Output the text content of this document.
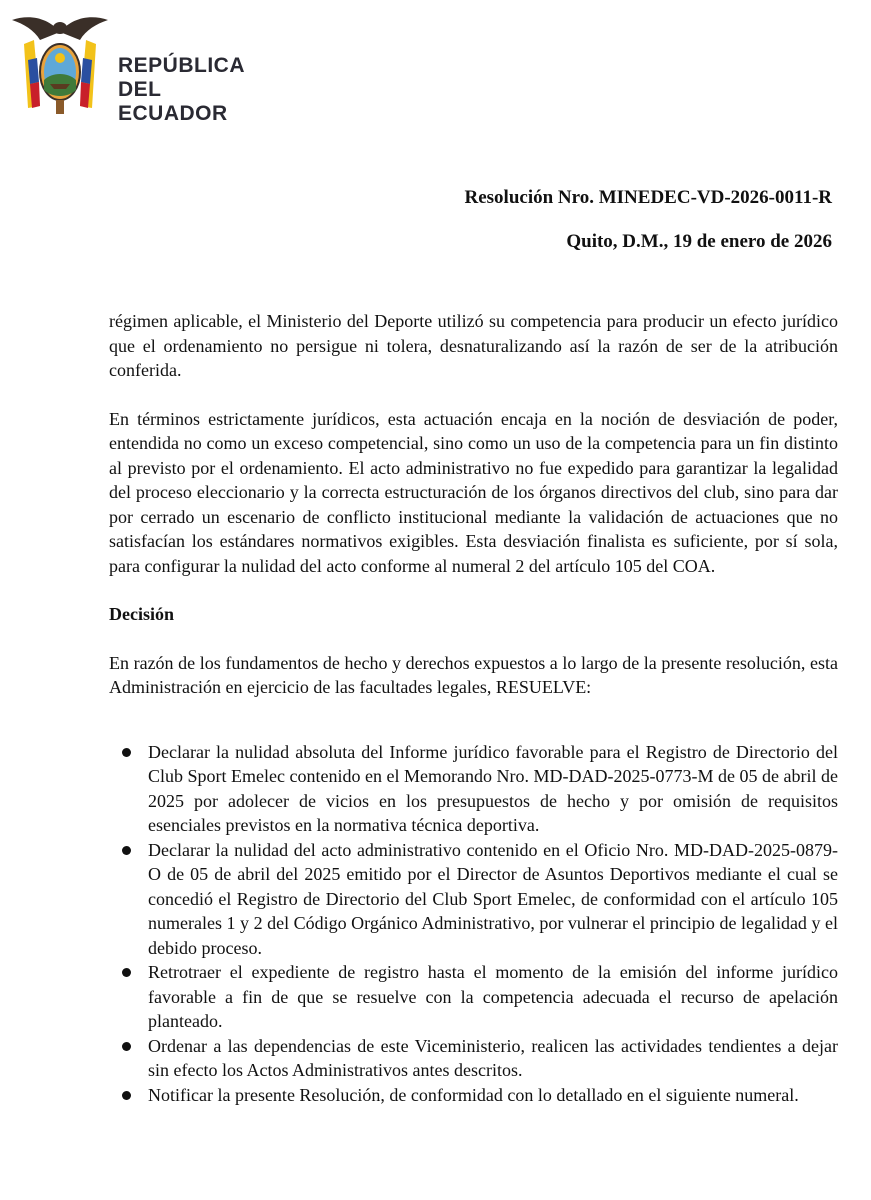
REPÚBLICA
DEL ECUADOR
Resolución Nro. MINEDEC-VD-2026-0011-R
Quito, D.M., 19 de enero de 2026

régimen aplicable, el Ministerio del Deporte utilizó su competencia para producir un efecto jurídico que el ordenamiento no persigue ni tolera, desnaturalizando así la razón de ser de la atribución conferida.

En términos estrictamente jurídicos, esta actuación encaja en la noción de desviación de poder, entendida no como un exceso competencial, sino como un uso de la competencia para un fin distinto al previsto por el ordenamiento. El acto administrativo no fue expedido para garantizar la legalidad del proceso eleccionario y la correcta estructuración de los órganos directivos del club, sino para dar por cerrado un escenario de conflicto institucional mediante la validación de actuaciones que no satisfacían los estándares normativos exigibles. Esta desviación finalista es suficiente, por sí sola, para configurar la nulidad del acto conforme al numeral 2 del artículo 105 del COA.

Decisión

En razón de los fundamentos de hecho y derechos expuestos a lo largo de la presente resolución, esta Administración en ejercicio de las facultades legales, RESUELVE:

Declarar la nulidad absoluta del Informe jurídico favorable para el Registro de Directorio del Club Sport Emelec contenido en el Memorando Nro. MD-DAD-2025-0773-M de 05 de abril de 2025 por adolecer de vicios en los presupuestos de hecho y por omisión de requisitos esenciales previstos en la normativa técnica deportiva.
Declarar la nulidad del acto administrativo contenido en el Oficio Nro. MD-DAD-2025-0879-O de 05 de abril del 2025 emitido por el Director de Asuntos Deportivos mediante el cual se concedió el Registro de Directorio del Club Sport Emelec, de conformidad con el artículo 105 numerales 1 y 2 del Código Orgánico Administrativo, por vulnerar el principio de legalidad y el debido proceso.
Retrotraer el expediente de registro hasta el momento de la emisión del informe jurídico favorable a fin de que se resuelve con la competencia adecuada el recurso de apelación planteado.
Ordenar a las dependencias de este Viceministerio, realicen las actividades tendientes a dejar sin efecto los Actos Administrativos antes descritos.
Notificar la presente Resolución, de conformidad con lo detallado en el siguiente numeral.
